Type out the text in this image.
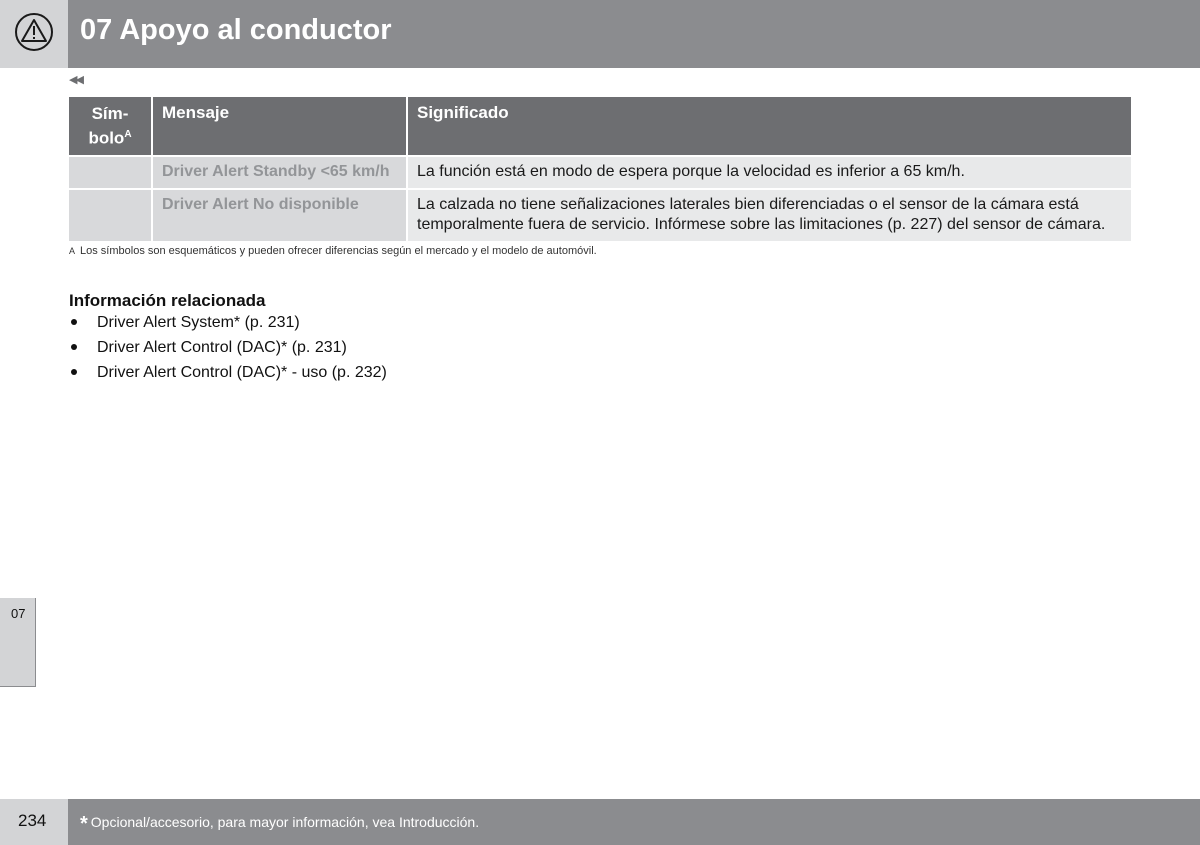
07 Apoyo al conductor
◀◀
Sím-
bolo$^A$	Mensaje	Significado
	Driver Alert Standby <65 km/h	La función está en modo de espera porque la velocidad es inferior a 65 km/h.
	Driver Alert No disponible	La calzada no tiene señalizaciones laterales bien diferenciadas o el sensor de la cámara está temporalmente fuera de servicio. Infórmese sobre las limitaciones (p. 227) del sensor de cámara.
A Los símbolos son esquemáticos y pueden ofrecer diferencias según el mercado y el modelo de automóvil.
Información relacionada
Driver Alert System* (p. 231)
Driver Alert Control (DAC)* (p. 231)
Driver Alert Control (DAC)* - uso (p. 232)
07
234 * Opcional/accesorio, para mayor información, vea Introducción.
